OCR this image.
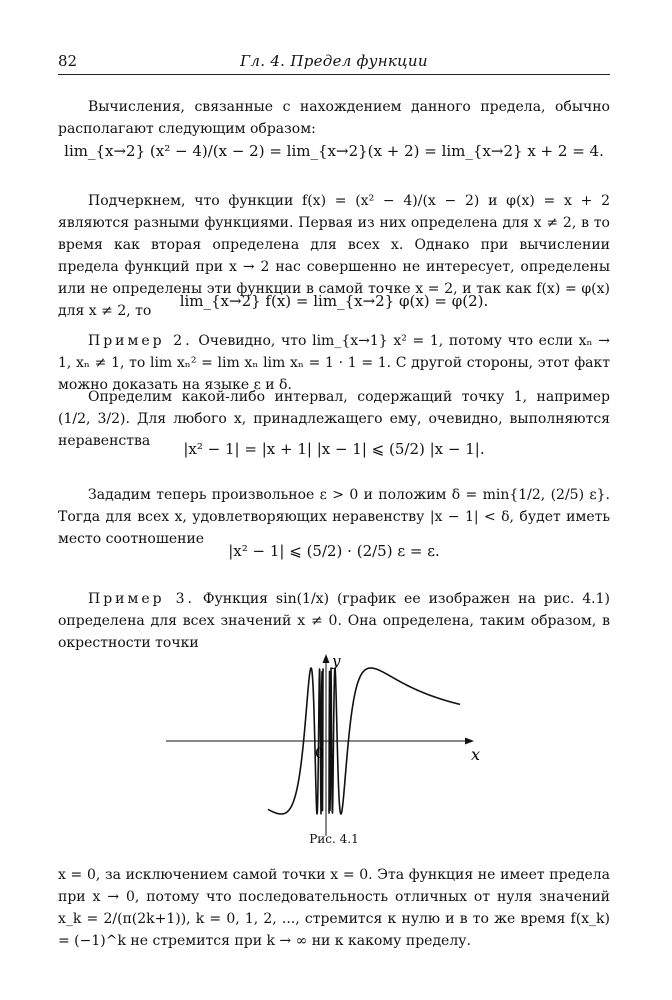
82	Гл. 4. Предел функции
Вычисления, связанные с нахождением данного предела, обычно располагают следующим образом:
lim_{x→2} (x² − 4)/(x − 2) = lim_{x→2}(x + 2) = lim_{x→2} x + 2 = 4.
Подчеркнем, что функции f(x) = (x² − 4)/(x − 2) и φ(x) = x + 2 являются разными функциями. Первая из них определена для x ≠ 2, в то время как вторая определена для всех x. Однако при вычислении предела функций при x → 2 нас совершенно не интересует, определены или не определены эти функции в самой точке x = 2, и так как f(x) = φ(x) для x ≠ 2, то
lim_{x→2} f(x) = lim_{x→2} φ(x) = φ(2).
Пример 2. Очевидно, что lim_{x→1} x² = 1, потому что если xₙ → 1, xₙ ≠ 1, то lim xₙ² = lim xₙ lim xₙ = 1 · 1 = 1. С другой стороны, этот факт можно доказать на языке ε и δ.
Определим какой-либо интервал, содержащий точку 1, например (1/2, 3/2). Для любого x, принадлежащего ему, очевидно, выполняются неравенства	|x² − 1| = |x + 1| |x − 1| ⩽ (5/2) |x − 1|.
Зададим теперь произвольное ε > 0 и положим δ = min{1/2, (2/5) ε}. Тогда для всех x, удовлетворяющих неравенству |x − 1| < δ, будет иметь место соотношение
|x² − 1| ⩽ (5/2) · (2/5) ε = ε.
Пример 3. Функция sin(1/x) (график ее изображен на рис. 4.1) определена для всех значений x ≠ 0. Она определена, таким образом, в окрестности точки
x
y
0
Рис. 4.1
x = 0, за исключением самой точки x = 0. Эта функция не имеет предела при x → 0, потому что последовательность отличных от нуля значений x_k = 2/(π(2k+1)), k = 0, 1, 2, ..., стремится к нулю и в то же время f(x_k) = (−1)^k не стремится при k → ∞ ни к какому пределу.
